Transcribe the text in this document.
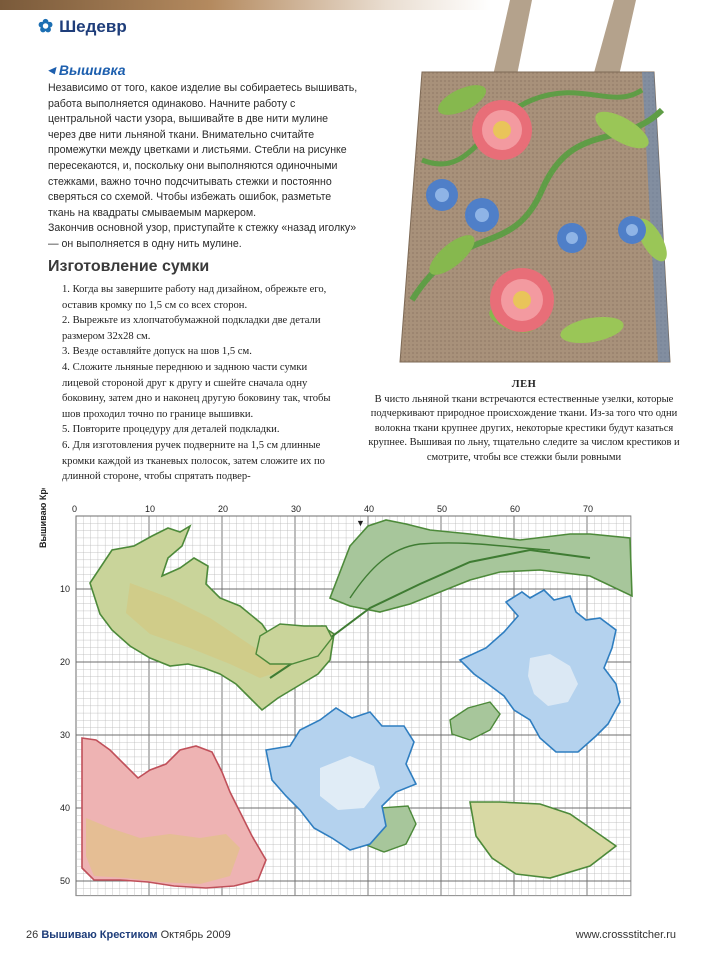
✿ Шедевр
◀ Вышивка

Независимо от того, какое изделие вы собираетесь вышивать, работа выполняется одинаково. Начните работу с центральной части узора, вышивайте в две нити мулине через две нити льняной ткани. Внимательно считайте промежутки между цветками и листьями. Стебли на рисунке пересекаются, и, поскольку они выполняются одиночными стежками, важно точно подсчитывать стежки и постоянно сверяться со схемой. Чтобы избежать ошибок, разметьте ткань на квадраты смываемым маркером.

Закончив основной узор, приступайте к стежку «назад иголку» — он выполняется в одну нить мулине.

Изготовление сумки
1. Когда вы завершите работу над дизайном, обрежьте его, оставив кромку по 1,5 см со всех сторон.
2. Вырежьте из хлопчатобумажной подкладки две детали размером 32x28 см.
3. Везде оставляйте допуск на шов 1,5 см.
4. Сложите льняные переднюю и заднюю части сумки лицевой стороной друг к другу и сшейте сначала одну боковину, затем дно и наконец другую боковину так, чтобы шов проходил точно по границе вышивки.
5. Повторите процедуру для деталей подкладки.
6. Для изготовления ручек подверните на 1,5 см длинные кромки каждой из тканевых полосок, затем сложите их по длинной стороне, чтобы спрятать подвер-
ЛЕН
В чисто льняной ткани встречаются естественные узелки, которые подчеркивают природное происхождение ткани. Из-за того что одни волокна ткани крупнее других, некоторые крестики будут казаться крупнее. Вышивая по льну, тщательно следите за числом крестиков и смотрите, чтобы все стежки были ровными
0	10	20	30	40	50	60	70
10
20
30
40
50
Вышиваю Крестиком	▼
26 Вышиваю Крестиком Октябрь 2009	www.crossstitcher.ru
